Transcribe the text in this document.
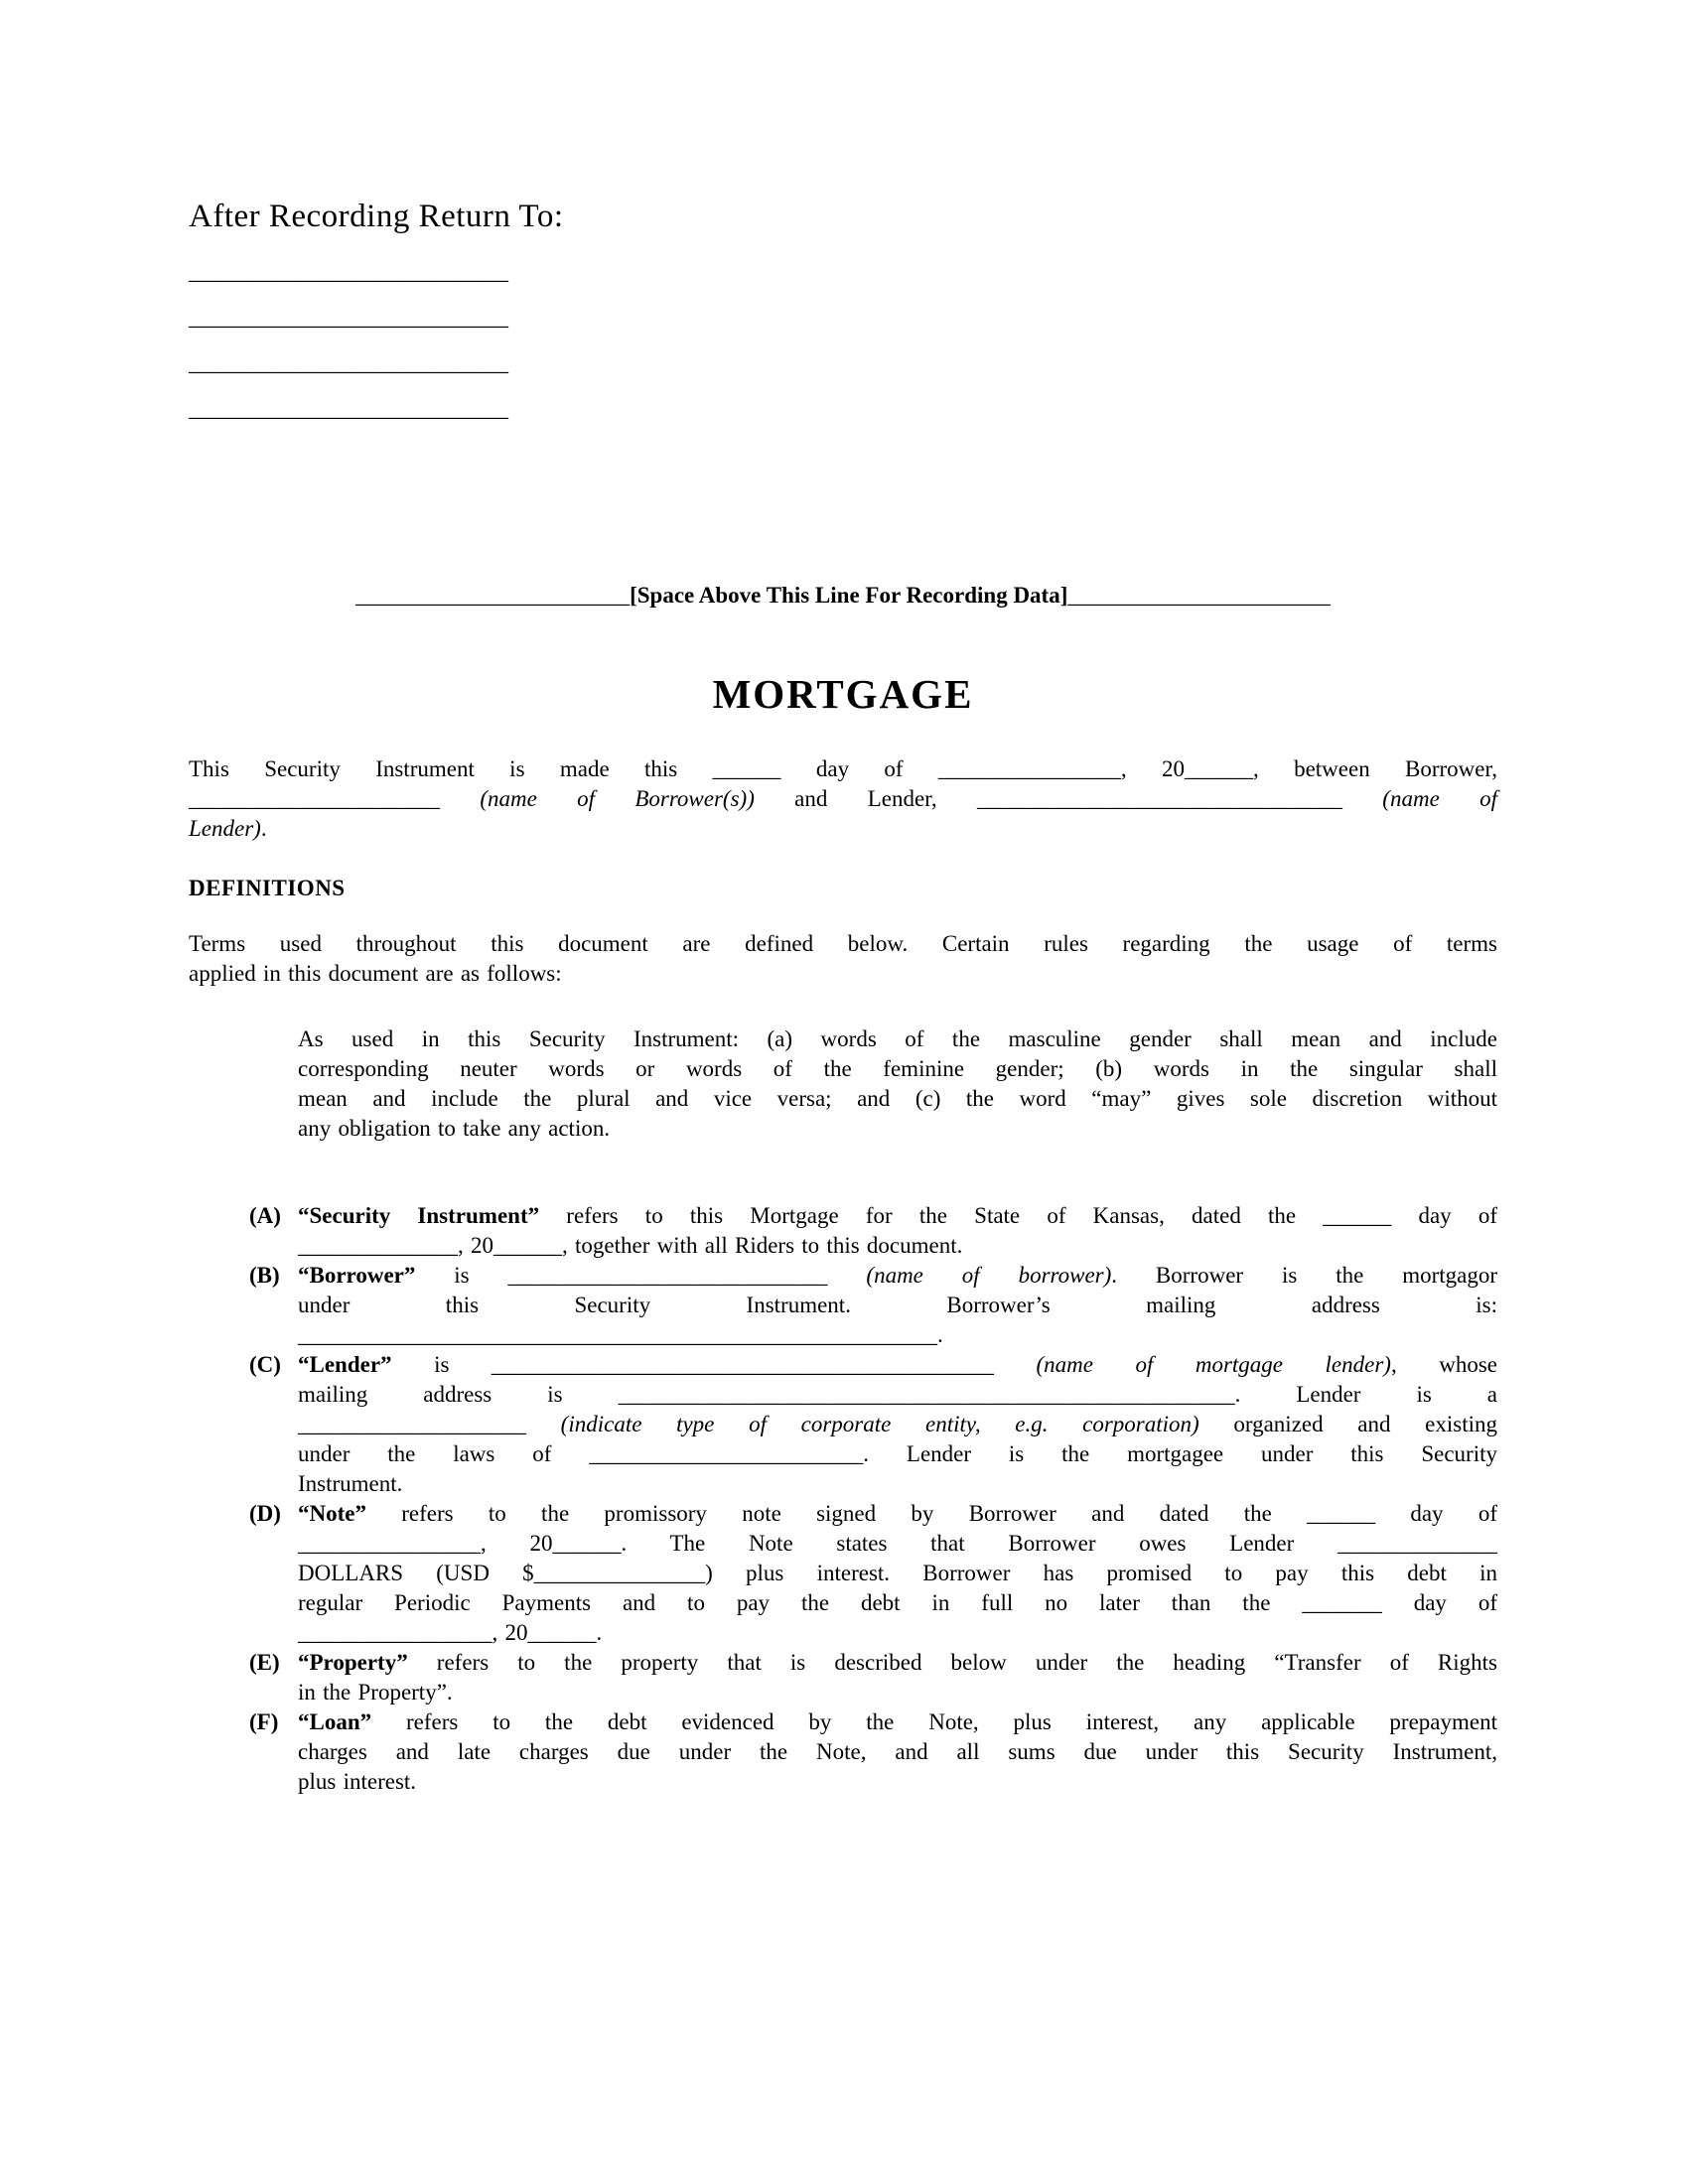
After Recording Return To:
____________________________
____________________________
____________________________
____________________________
________________________[Space Above This Line For Recording Data]_______________________
MORTGAGE
This Security Instrument is made this ______ day of ________________, 20______, between Borrower,
______________________ (name of Borrower(s)) and Lender, ________________________________ (name of
Lender).
DEFINITIONS
Terms used throughout this document are defined below. Certain rules regarding the usage of terms
applied in this document are as follows:
As used in this Security Instrument: (a) words of the masculine gender shall mean and include
corresponding neuter words or words of the feminine gender; (b) words in the singular shall
mean and include the plural and vice versa; and (c) the word “may” gives sole discretion without
any obligation to take any action.
(A) “Security Instrument” refers to this Mortgage for the State of Kansas, dated the ______ day of
______________, 20______, together with all Riders to this document.
(B) “Borrower” is ____________________________ (name of borrower). Borrower is the mortgagor
under this Security Instrument. Borrower’s mailing address is:
________________________________________________________.
(C) “Lender” is ____________________________________________ (name of mortgage lender), whose
mailing address is ______________________________________________________. Lender is a
____________________ (indicate type of corporate entity, e.g. corporation) organized and existing
under the laws of ________________________. Lender is the mortgagee under this Security
Instrument.
(D) “Note” refers to the promissory note signed by Borrower and dated the ______ day of
________________, 20______. The Note states that Borrower owes Lender ______________
DOLLARS (USD $_______________) plus interest. Borrower has promised to pay this debt in
regular Periodic Payments and to pay the debt in full no later than the _______ day of
_________________, 20______.
(E) “Property” refers to the property that is described below under the heading “Transfer of Rights
in the Property”.
(F) “Loan” refers to the debt evidenced by the Note, plus interest, any applicable prepayment
charges and late charges due under the Note, and all sums due under this Security Instrument,
plus interest.
